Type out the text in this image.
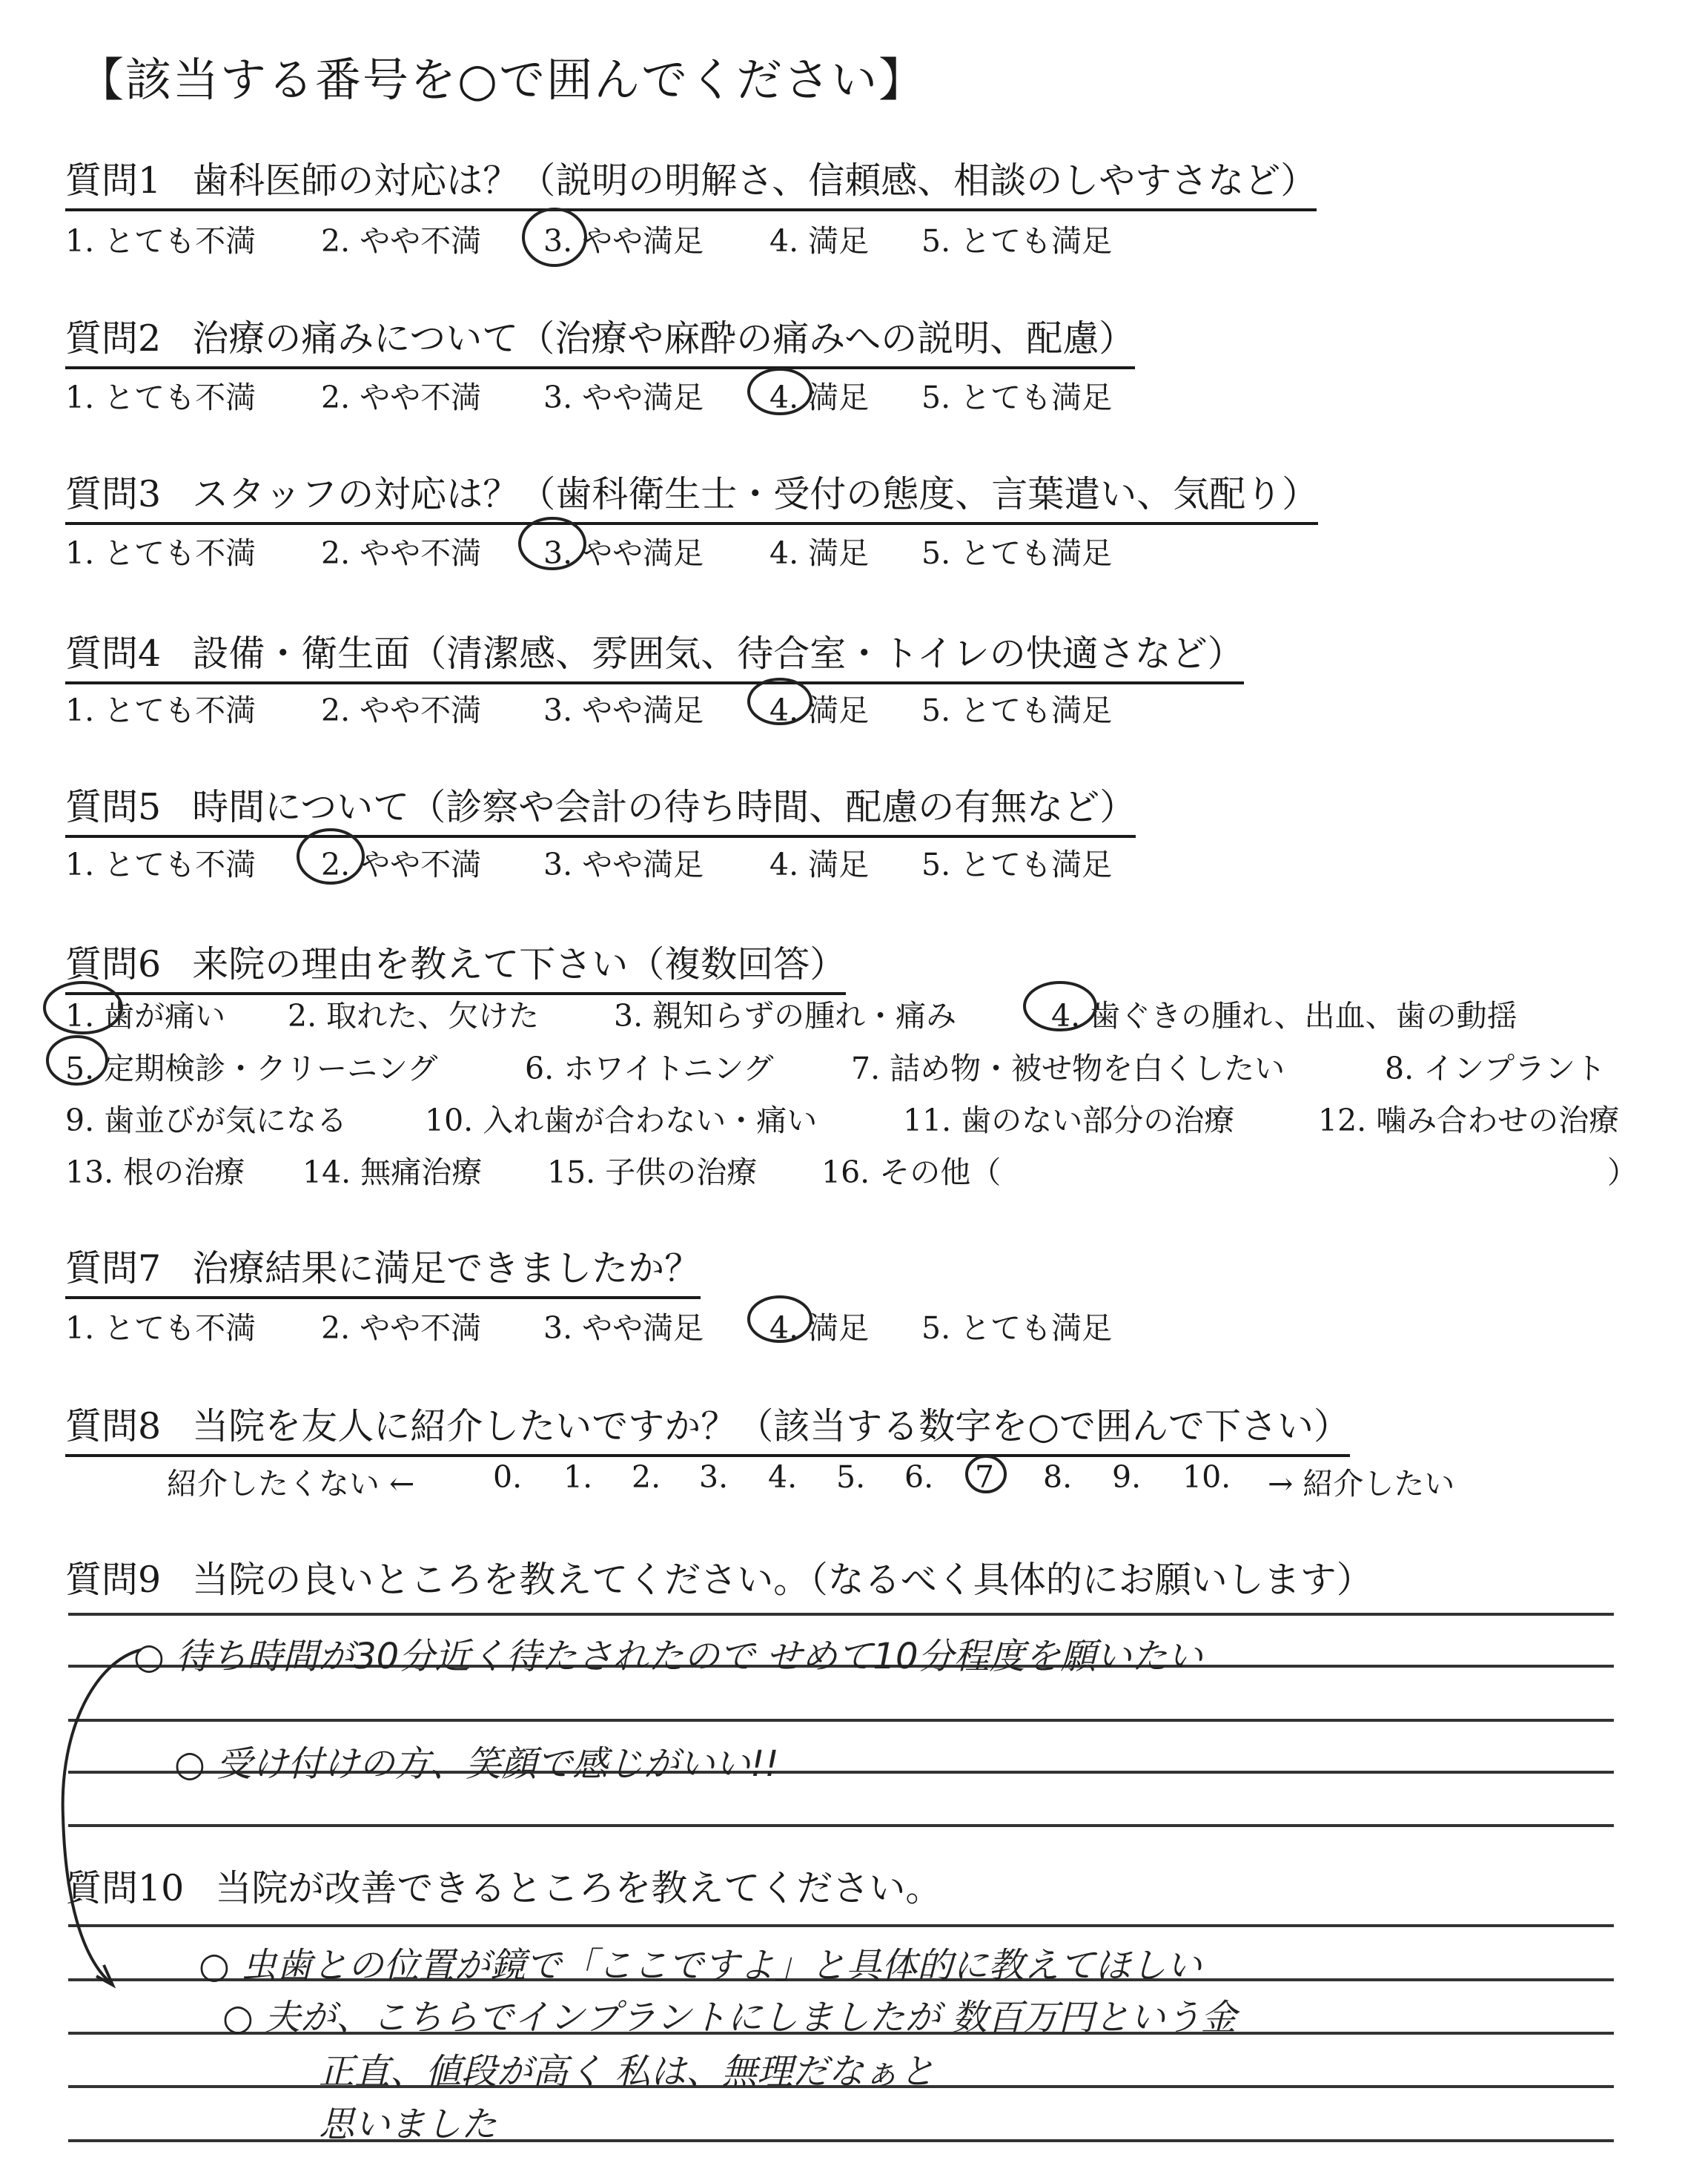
【該当する番号を○で囲んでください】
質問1 歯科医師の対応は？（説明の明解さ、信頼感、相談のしやすさなど）
1. とても不満 2. やや不満 3. やや満足 4. 満足 5. とても満足
質問2 治療の痛みについて（治療や麻酔の痛みへの説明、配慮）
1. とても不満 2. やや不満 3. やや満足 4. 満足 5. とても満足
質問3 スタッフの対応は？（歯科衛生士・受付の態度、言葉遣い、気配り）
1. とても不満 2. やや不満 3. やや満足 4. 満足 5. とても満足
質問4 設備・衛生面（清潔感、雰囲気、待合室・トイレの快適さなど）
1. とても不満 2. やや不満 3. やや満足 4. 満足 5. とても満足
質問5 時間について（診察や会計の待ち時間、配慮の有無など）
1. とても不満 2. やや不満 3. やや満足 4. 満足 5. とても満足
質問6 来院の理由を教えて下さい（複数回答）
1. 歯が痛い 2. 取れた、欠けた 3. 親知らずの腫れ・痛み	4. 歯ぐきの腫れ、出血、歯の動揺
5. 定期検診・クリーニング	6. ホワイトニング	7. 詰め物・被せ物を白くしたい	8. インプラント
9. 歯並びが気になる	10. 入れ歯が合わない・痛い	11. 歯のない部分の治療	12. 噛み合わせの治療
13. 根の治療 14. 無痛治療 15. 子供の治療 16. その他（	）
質問7 治療結果に満足できましたか？
1. とても不満 2. やや不満 3. やや満足 4. 満足 5. とても満足
質問8 当院を友人に紹介したいですか？（該当する数字を○で囲んで下さい）
紹介したくない ←	0. 1. 2. 3. 4. 5. 6. 7 8. 9. 10. → 紹介したい
質問9 当院の良いところを教えてください。（なるべく具体的にお願いします）
○ 待ち時間が30分近く待たされたので せめて10分程度を願いたい
○ 受け付けの方、笑顔で感じがいい!!
質問10 当院が改善できるところを教えてください。
○ 虫歯との位置が鏡で「ここですよ」と具体的に教えてほしい
○ 夫が、こちらでインプラントにしましたが 数百万円という金
正直、値段が高く 私は、無理だなぁと
思いました
